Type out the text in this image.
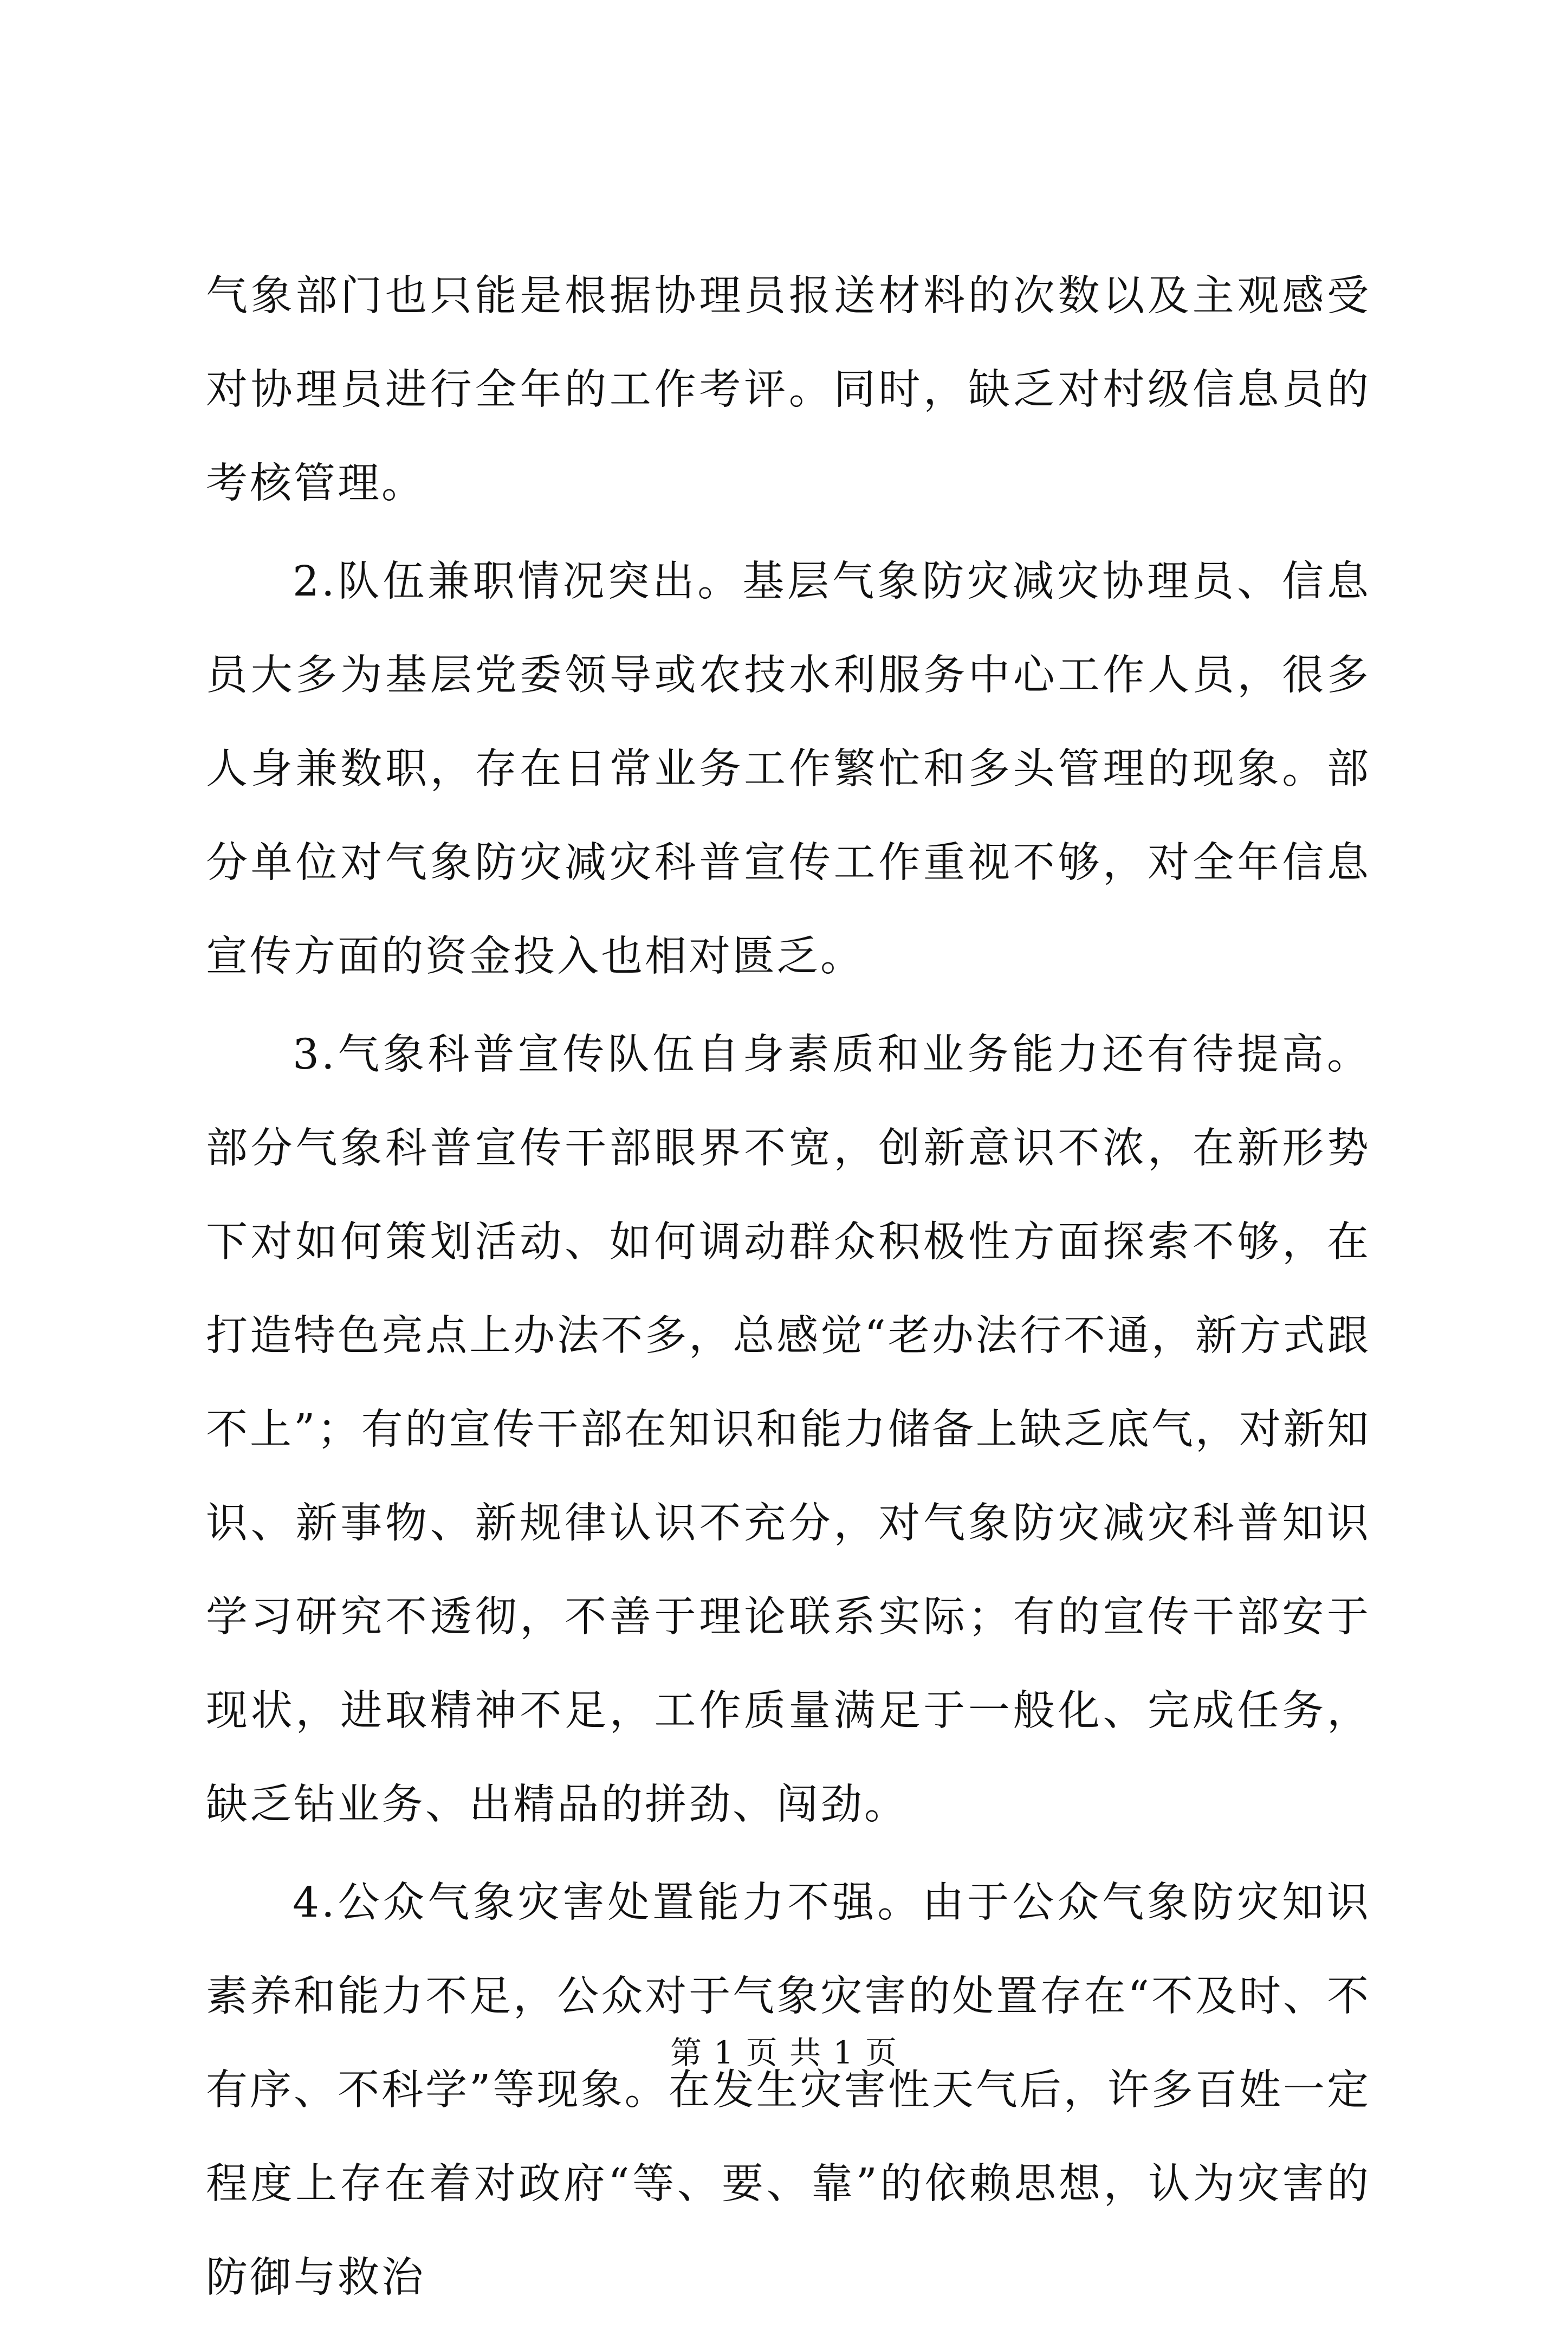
气象部门也只能是根据协理员报送材料的次数以及主观感受对协理员进行全年的工作考评。同时，缺乏对村级信息员的考核管理。

2.队伍兼职情况突出。基层气象防灾减灾协理员、信息员大多为基层党委领导或农技水利服务中心工作人员，很多人身兼数职，存在日常业务工作繁忙和多头管理的现象。部分单位对气象防灾减灾科普宣传工作重视不够，对全年信息宣传方面的资金投入也相对匮乏。

3.气象科普宣传队伍自身素质和业务能力还有待提高。部分气象科普宣传干部眼界不宽，创新意识不浓，在新形势下对如何策划活动、如何调动群众积极性方面探索不够，在打造特色亮点上办法不多，总感觉“老办法行不通，新方式跟不上”；有的宣传干部在知识和能力储备上缺乏底气，对新知识、新事物、新规律认识不充分，对气象防灾减灾科普知识学习研究不透彻，不善于理论联系实际；有的宣传干部安于现状，进取精神不足，工作质量满足于一般化、完成任务，缺乏钻业务、出精品的拼劲、闯劲。

4.公众气象灾害处置能力不强。由于公众气象防灾知识素养和能力不足，公众对于气象灾害的处置存在“不及时、不有序、不科学”等现象。在发生灾害性天气后，许多百姓一定程度上存在着对政府“等、要、靠”的依赖思想，认为灾害的防御与救治

第 1 页 共 1 页
